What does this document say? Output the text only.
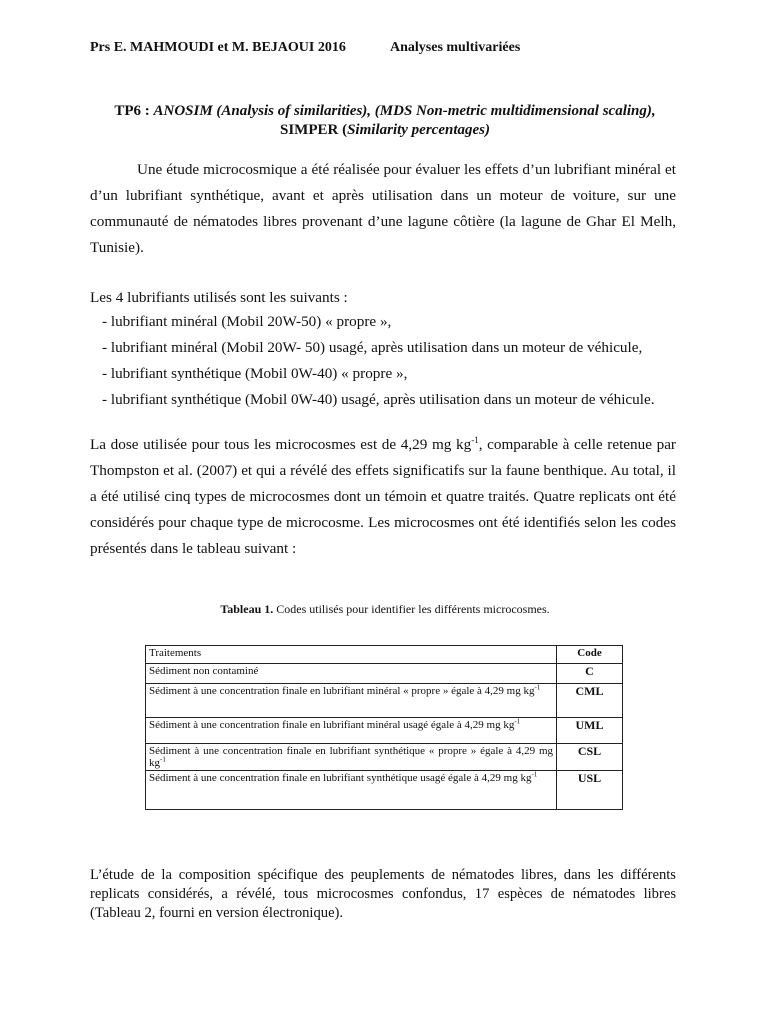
Prs E. MAHMOUDI et M. BEJAOUI 2016	Analyses multivariées
TP6 : ANOSIM (Analysis of similarities), (MDS Non-metric multidimensional scaling),
SIMPER (Similarity percentages)
Une étude microcosmique a été réalisée pour évaluer les effets d’un lubrifiant minéral et d’un lubrifiant synthétique, avant et après utilisation dans un moteur de voiture, sur une communauté de nématodes libres provenant d’une lagune côtière (la lagune de Ghar El Melh, Tunisie).
Les 4 lubrifiants utilisés sont les suivants :
- lubrifiant minéral (Mobil 20W-50) « propre »,
- lubrifiant minéral (Mobil 20W- 50) usagé, après utilisation dans un moteur de véhicule,
- lubrifiant synthétique (Mobil 0W-40) « propre »,
- lubrifiant synthétique (Mobil 0W-40) usagé, après utilisation dans un moteur de véhicule.
La dose utilisée pour tous les microcosmes est de 4,29 mg $kg^{-1}$, comparable à celle retenue par Thompston et al. (2007) et qui a révélé des effets significatifs sur la faune benthique. Au total, il a été utilisé cinq types de microcosmes dont un témoin et quatre traités. Quatre replicats ont été considérés pour chaque type de microcosme. Les microcosmes ont été identifiés selon les codes présentés dans le tableau suivant :
Tableau 1. Codes utilisés pour identifier les différents microcosmes.
Traitements	Code
Sédiment non contaminé	C
Sédiment à une concentration finale en lubrifiant minéral « propre » égale à 4,29 mg $kg^{-1}$	CML
Sédiment à une concentration finale en lubrifiant minéral usagé égale à 4,29 mg $kg^{-1}$	UML
Sédiment à une concentration finale en lubrifiant synthétique « propre » égale à 4,29 mg $kg^{-1}$	CSL
Sédiment à une concentration finale en lubrifiant synthétique usagé égale à 4,29 mg $kg^{-1}$	USL
L’étude de la composition spécifique des peuplements de nématodes libres, dans les différents replicats considérés, a révélé, tous microcosmes confondus, 17 espèces de nématodes libres (Tableau 2, fourni en version électronique).
